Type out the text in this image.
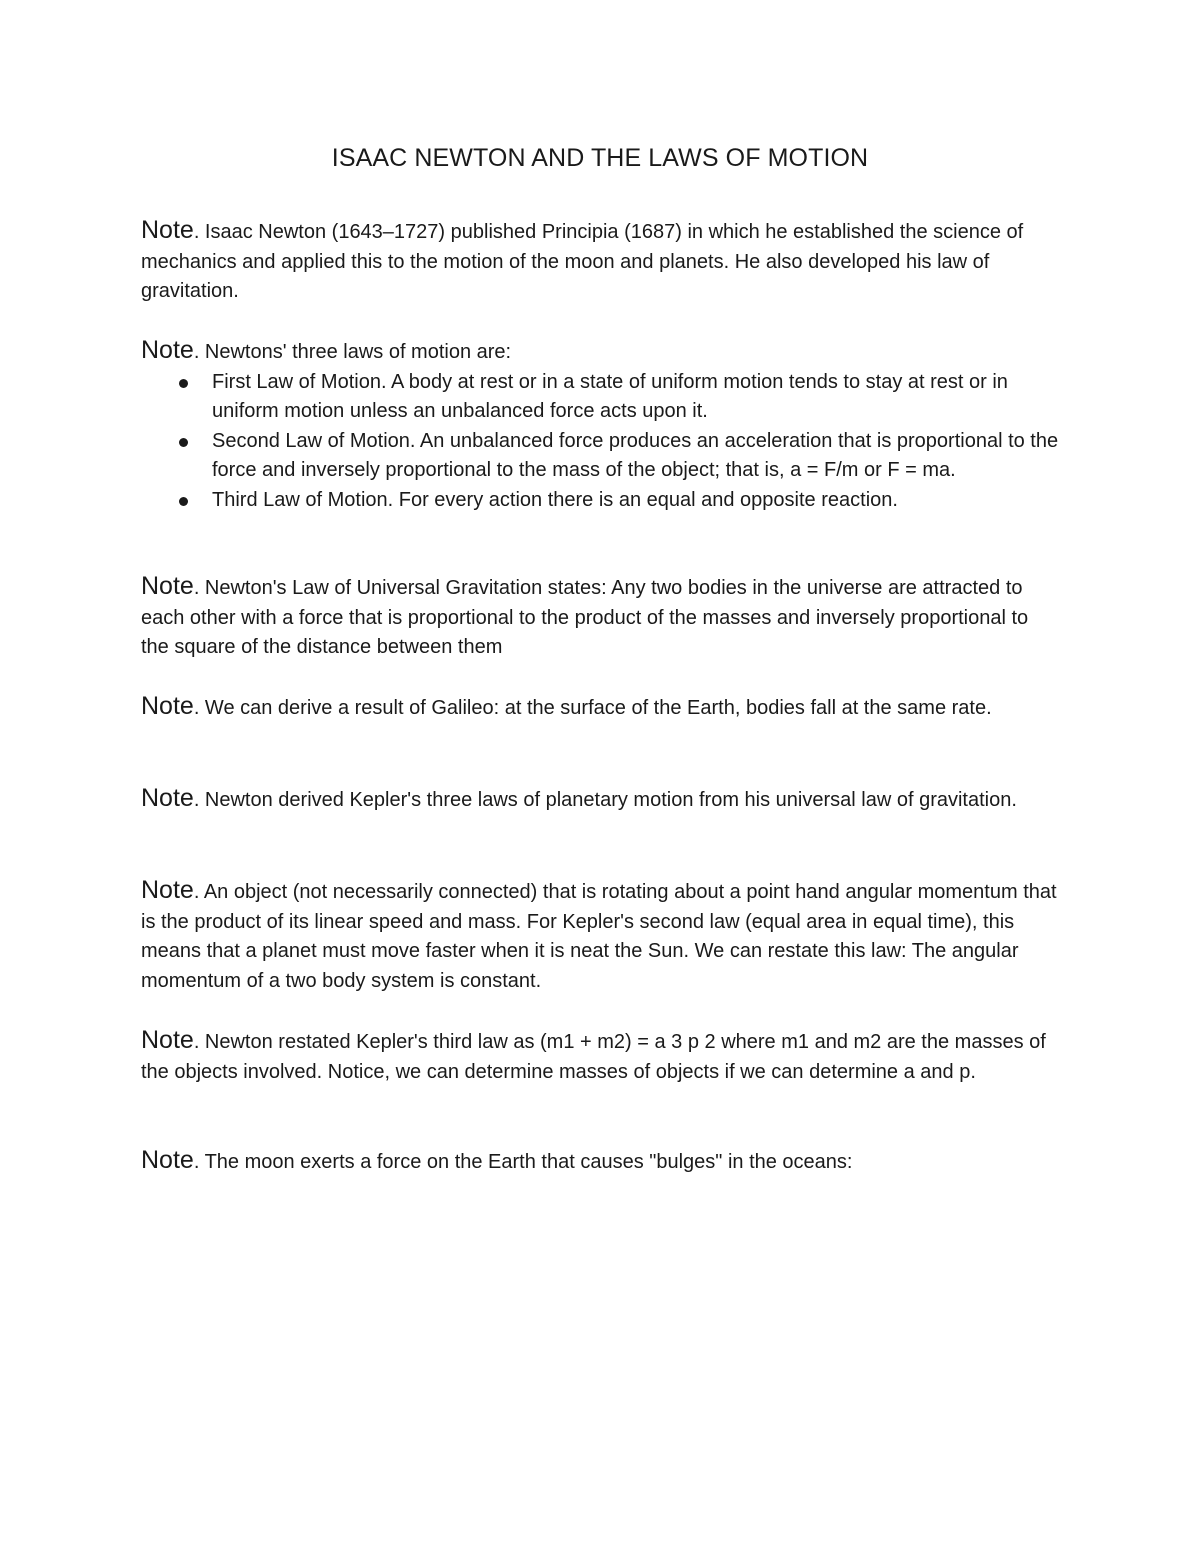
ISAAC NEWTON AND THE LAWS OF MOTION

Note. Isaac Newton (1643–1727) published Principia (1687) in which he established the science of mechanics and applied this to the motion of the moon and planets. He also developed his law of gravitation.

Note. Newtons' three laws of motion are:

First Law of Motion. A body at rest or in a state of uniform motion tends to stay at rest or in uniform motion unless an unbalanced force acts upon it.
Second Law of Motion. An unbalanced force produces an acceleration that is proportional to the force and inversely proportional to the mass of the object; that is, a = F/m or F = ma.
Third Law of Motion. For every action there is an equal and opposite reaction.

Note. Newton's Law of Universal Gravitation states: Any two bodies in the universe are attracted to each other with a force that is proportional to the product of the masses and inversely proportional to the square of the distance between them

Note. We can derive a result of Galileo: at the surface of the Earth, bodies fall at the same rate.

Note. Newton derived Kepler's three laws of planetary motion from his universal law of gravitation.

Note. An object (not necessarily connected) that is rotating about a point hand angular momentum that is the product of its linear speed and mass. For Kepler's second law (equal area in equal time), this means that a planet must move faster when it is neat the Sun. We can restate this law: The angular momentum of a two body system is constant.

Note. Newton restated Kepler's third law as (m1 + m2) = a 3 p 2 where m1 and m2 are the masses of the objects involved. Notice, we can determine masses of objects if we can determine a and p.

Note. The moon exerts a force on the Earth that causes "bulges" in the oceans:
